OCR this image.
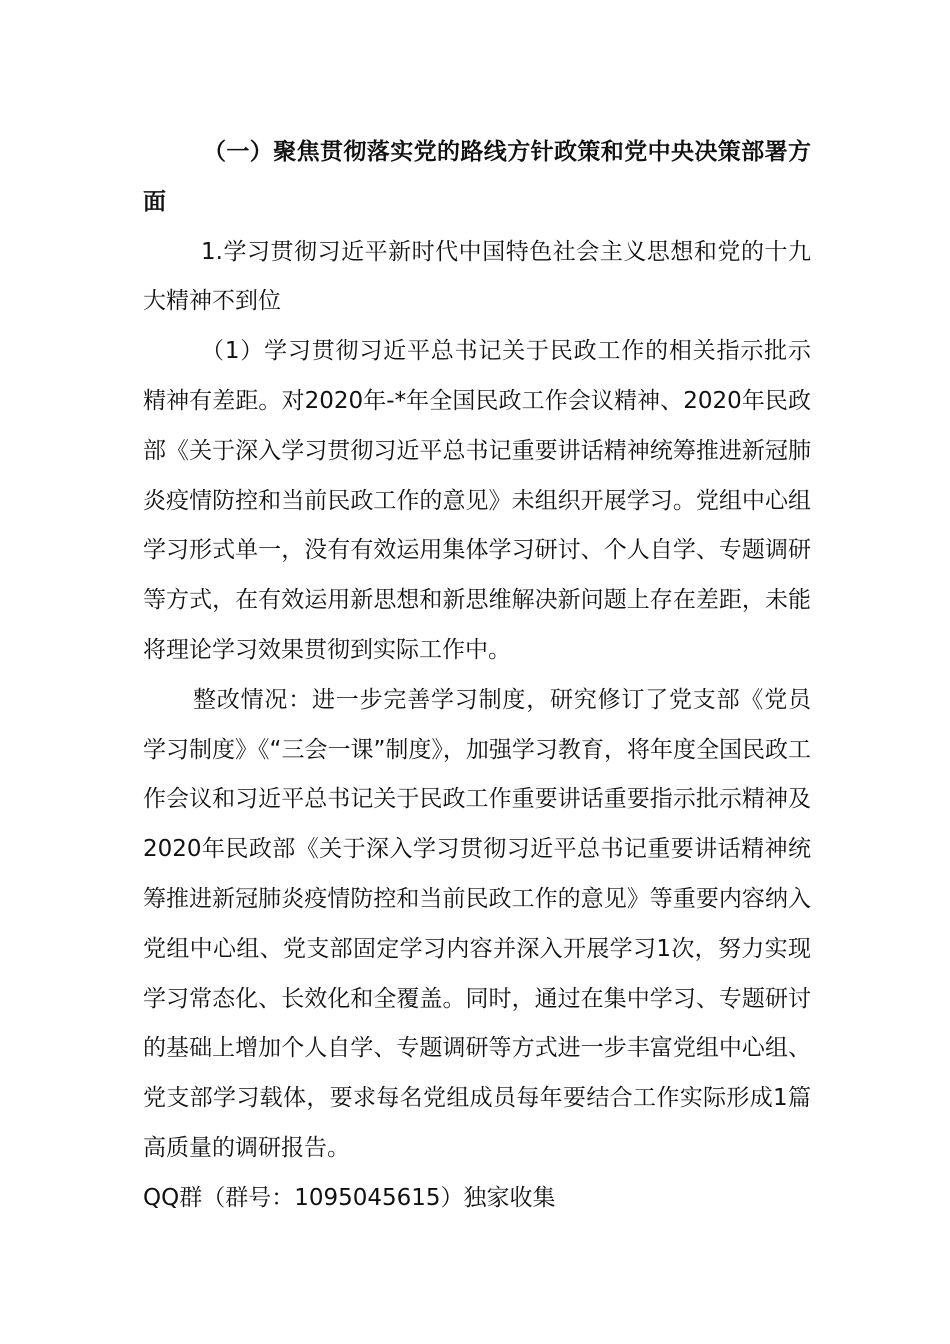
（一）聚焦贯彻落实党的路线方针政策和党中央决策部署方面

1.学习贯彻习近平新时代中国特色社会主义思想和党的十九大精神不到位

（1）学习贯彻习近平总书记关于民政工作的相关指示批示精神有差距。对2020年-*年全国民政工作会议精神、2020年民政部《关于深入学习贯彻习近平总书记重要讲话精神统筹推进新冠肺炎疫情防控和当前民政工作的意见》未组织开展学习。党组中心组学习形式单一，没有有效运用集体学习研讨、个人自学、专题调研等方式，在有效运用新思想和新思维解决新问题上存在差距，未能将理论学习效果贯彻到实际工作中。

整改情况：进一步完善学习制度，研究修订了党支部《党员学习制度》《“三会一课”制度》，加强学习教育，将年度全国民政工作会议和习近平总书记关于民政工作重要讲话重要指示批示精神及2020年民政部《关于深入学习贯彻习近平总书记重要讲话精神统筹推进新冠肺炎疫情防控和当前民政工作的意见》等重要内容纳入党组中心组、党支部固定学习内容并深入开展学习1次，努力实现学习常态化、长效化和全覆盖。同时，通过在集中学习、专题研讨的基础上增加个人自学、专题调研等方式进一步丰富党组中心组、党支部学习载体，要求每名党组成员每年要结合工作实际形成1篇高质量的调研报告。

QQ群（群号：1095045615）独家收集
